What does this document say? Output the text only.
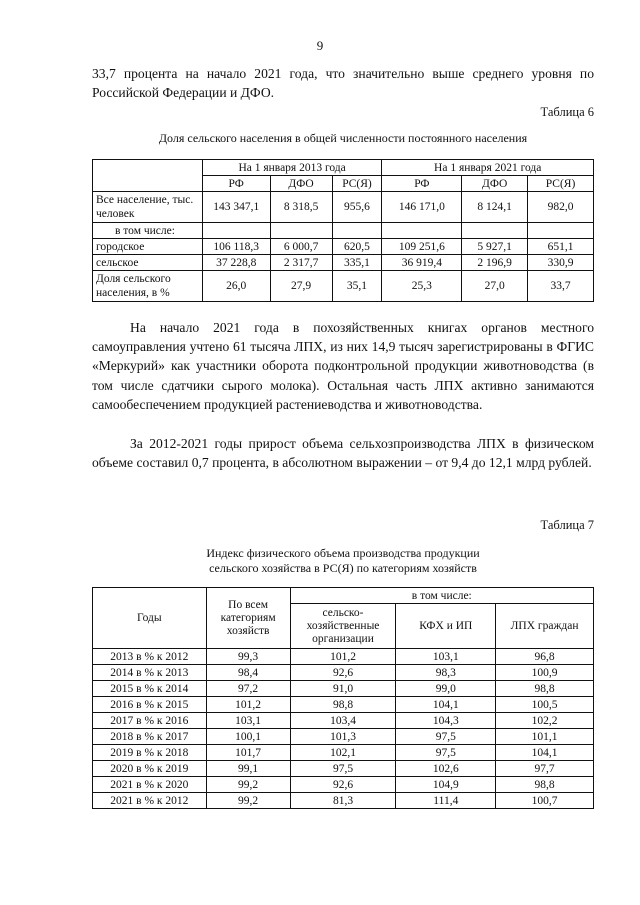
9

33,7 процента на начало 2021 года, что значительно выше среднего уровня по Российской Федерации и ДФО.

Таблица 6
Доля сельского населения в общей численности постоянного населения
	На 1 января 2013 года			На 1 января 2021 года		
	РФ	ДФО	РС(Я)	РФ	ДФО	РС(Я)
Все население, тыс. человек	143 347,1	8 318,5	955,6	146 171,0	8 124,1	982,0
в том числе:						
городское	106 118,3	6 000,7	620,5	109 251,6	5 927,1	651,1
сельское	37 228,8	2 317,7	335,1	36 919,4	2 196,9	330,9
Доля сельского населения, в %	26,0	27,9	35,1	25,3	27,0	33,7

На начало 2021 года в похозяйственных книгах органов местного самоуправления учтено 61 тысяча ЛПХ, из них 14,9 тысяч зарегистрированы в ФГИС «Меркурий» как участники оборота подконтрольной продукции животноводства (в том числе сдатчики сырого молока). Остальная часть ЛПХ активно занимаются самообеспечением продукцией растениеводства и животноводства.

За 2012-2021 годы прирост объема сельхозпроизводства ЛПХ в физическом объеме составил 0,7 процента, в абсолютном выражении – от 9,4 до 12,1 млрд рублей.

Таблица 7
Индекс физического объема производства продукции
сельского хозяйства в РС(Я) по категориям хозяйств
Годы	По всем категориям хозяйств	в том числе:		
		сельско-хозяйственные организации	КФХ и ИП	ЛПХ граждан
2013 в % к 2012	99,3	101,2	103,1	96,8
2014 в % к 2013	98,4	92,6	98,3	100,9
2015 в % к 2014	97,2	91,0	99,0	98,8
2016 в % к 2015	101,2	98,8	104,1	100,5
2017 в % к 2016	103,1	103,4	104,3	102,2
2018 в % к 2017	100,1	101,3	97,5	101,1
2019 в % к 2018	101,7	102,1	97,5	104,1
2020 в % к 2019	99,1	97,5	102,6	97,7
2021 в % к 2020	99,2	92,6	104,9	98,8
2021 в % к 2012	99,2	81,3	111,4	100,7
